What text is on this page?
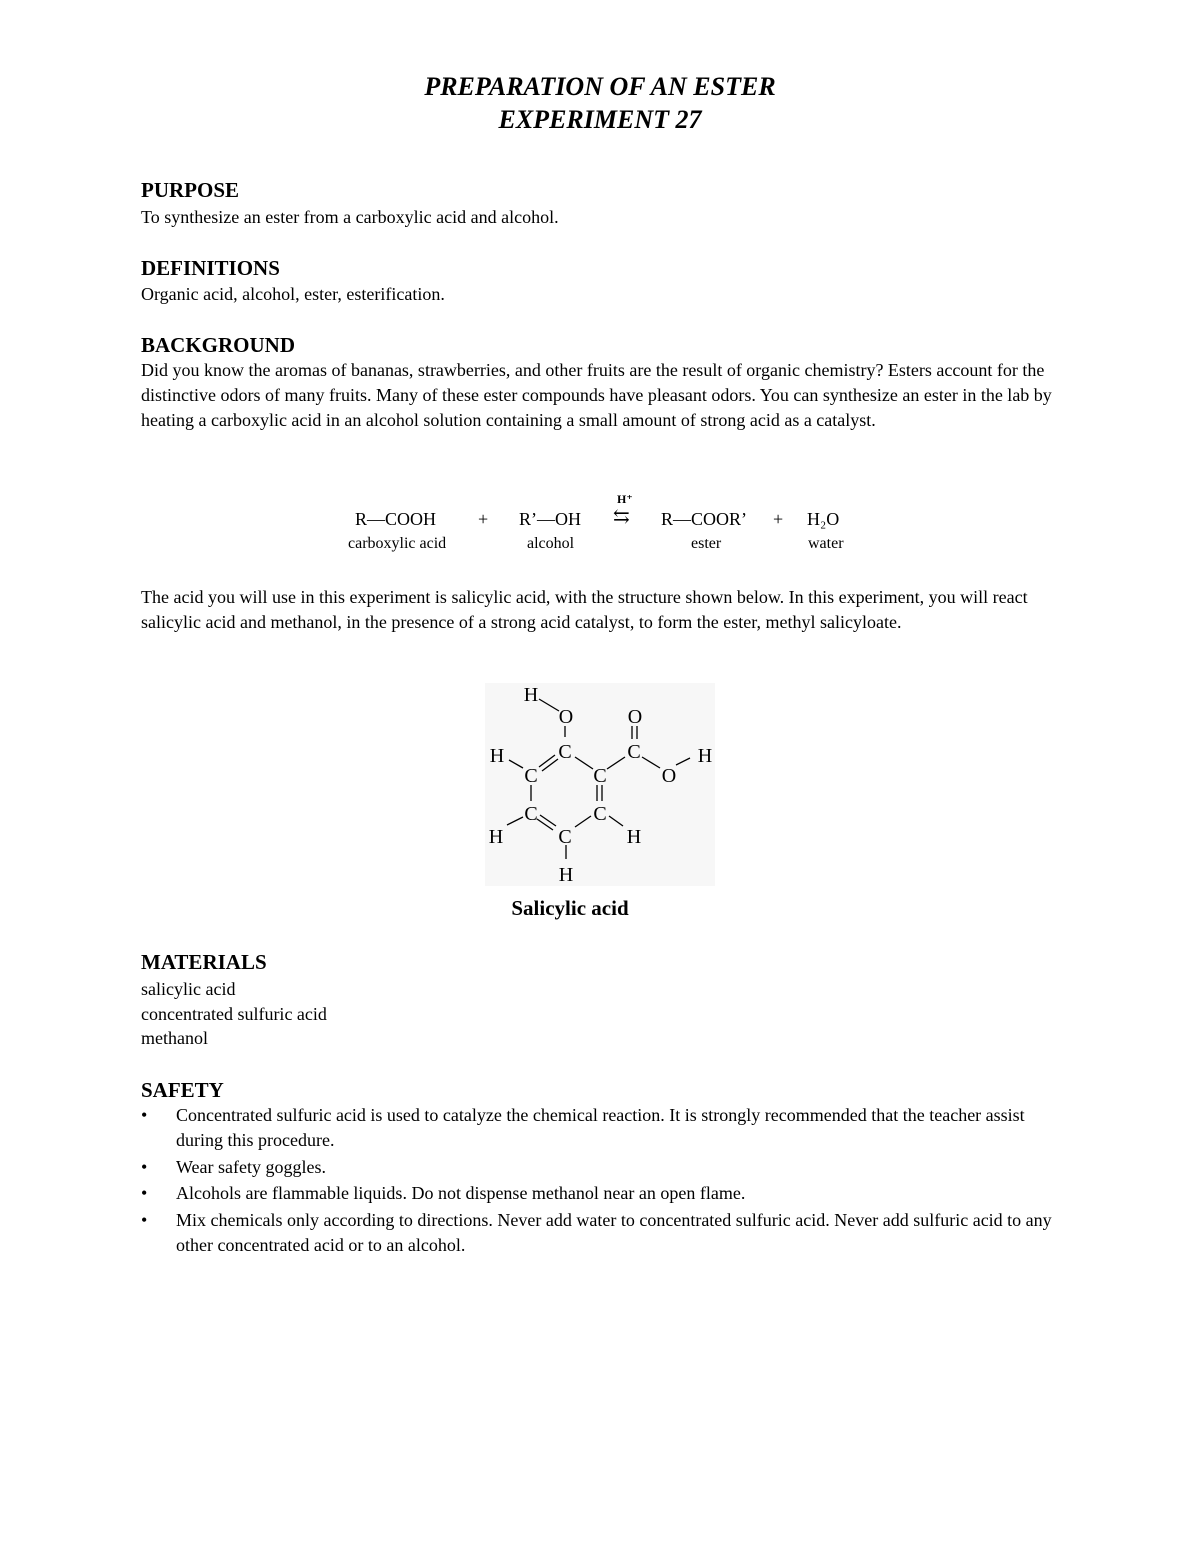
PREPARATION OF AN ESTER
EXPERIMENT 27
PURPOSE
To synthesize an ester from a carboxylic acid and alcohol.
DEFINITIONS
Organic acid, alcohol, ester, esterification.
BACKGROUND
Did you know the aromas of bananas, strawberries, and other fruits are the result of organic chemistry? Esters account for the distinctive odors of many fruits. Many of these ester compounds have pleasant odors. You can synthesize an ester in the lab by heating a carboxylic acid in an alcohol solution containing a small amount of strong acid as a catalyst.
R—COOH + R’—OH
H⁺
⇆ R—COOR’ + H₂O
carboxylic acid	alcohol	ester	water
The acid you will use in this experiment is salicylic acid, with the structure shown below. In this experiment, you will react salicylic acid and methanol, in the presence of a strong acid catalyst, to form the ester, methyl salicyloate.
H
O	O
H	C	C	H
C	C	O
C	C
H	C	H
H
Salicylic acid
MATERIALS
salicylic acid
concentrated sulfuric acid
methanol
SAFETY
•	Concentrated sulfuric acid is used to catalyze the chemical reaction. It is strongly recommended that the teacher assist during this procedure.
•	Wear safety goggles.
•	Alcohols are flammable liquids. Do not dispense methanol near an open flame.
•	Mix chemicals only according to directions. Never add water to concentrated sulfuric acid. Never add sulfuric acid to any other concentrated acid or to an alcohol.
